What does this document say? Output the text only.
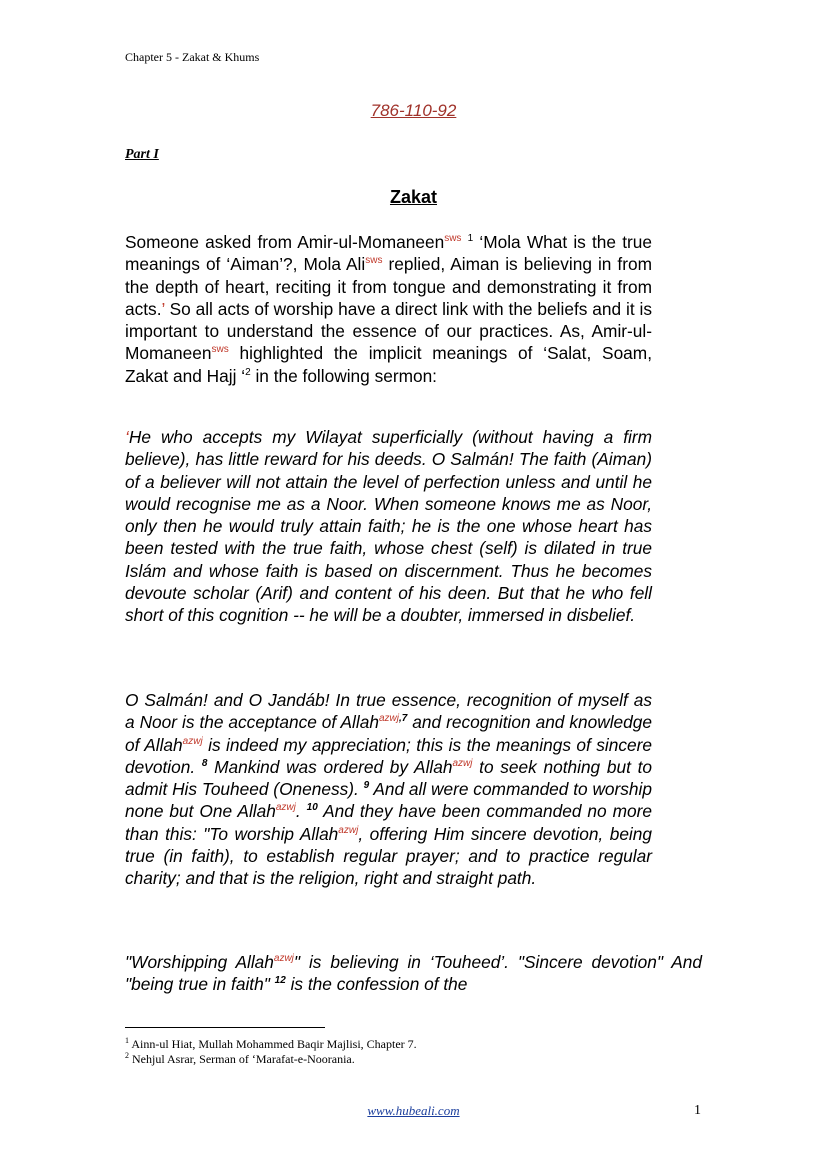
Chapter 5 - Zakat & Khums
786-110-92
Part I
Zakat
Someone asked from Amir-ul-Momaneen$^{sws}$ $^1$ ‘Mola What is the true meanings of ‘Aiman’?, Mola Ali$^{sws}$ replied, Aiman is believing in from the depth of heart, reciting it from tongue and demonstrating it from acts.’ So all acts of worship have a direct link with the beliefs and it is important to understand the essence of our practices. As, Amir-ul-Momaneen$^{sws}$ highlighted the implicit meanings of ‘Salat, Soam, Zakat and Hajj ‘$^2$ in the following sermon:
‘He who accepts my Wilayat superficially (without having a firm believe), has little reward for his deeds. O Salmán! The faith (Aiman) of a believer will not attain the level of perfection unless and until he would recognise me as a Noor. When someone knows me as Noor, only then he would truly attain faith; he is the one whose heart has been tested with the true faith, whose chest (self) is dilated in true Islám and whose faith is based on discernment. Thus he becomes devoute scholar (Arif) and content of his deen. But that he who fell short of this cognition -- he will be a doubter, immersed in disbelief.
O Salmán! and O Jandáb! In true essence, recognition of myself as a Noor is the acceptance of Allah$^{azwj,7}$ and recognition and knowledge of Allah$^{azwj}$ is indeed my appreciation; this is the meanings of sincere devotion. $^8$ Mankind was ordered by Allah$^{azwj}$ to seek nothing but to admit His Touheed (Oneness). $^9$ And all were commanded to worship none but One Allah$^{azwj}$. $^{10}$ And they have been commanded no more than this: "To worship Allah$^{azwj}$, offering Him sincere devotion, being true (in faith), to establish regular prayer; and to practice regular charity; and that is the religion, right and straight path.
"Worshipping Allah$^{azwj}$" is believing in ‘Touheed’. "Sincere devotion" And "being true in faith" $^{12}$ is the confession of the
$^1$ Ainn-ul Hiat, Mullah Mohammed Baqir Majlisi, Chapter 7.
$^2$ Nehjul Asrar, Serman of ‘Marafat-e-Noorania.
www.hubeali.com	1
